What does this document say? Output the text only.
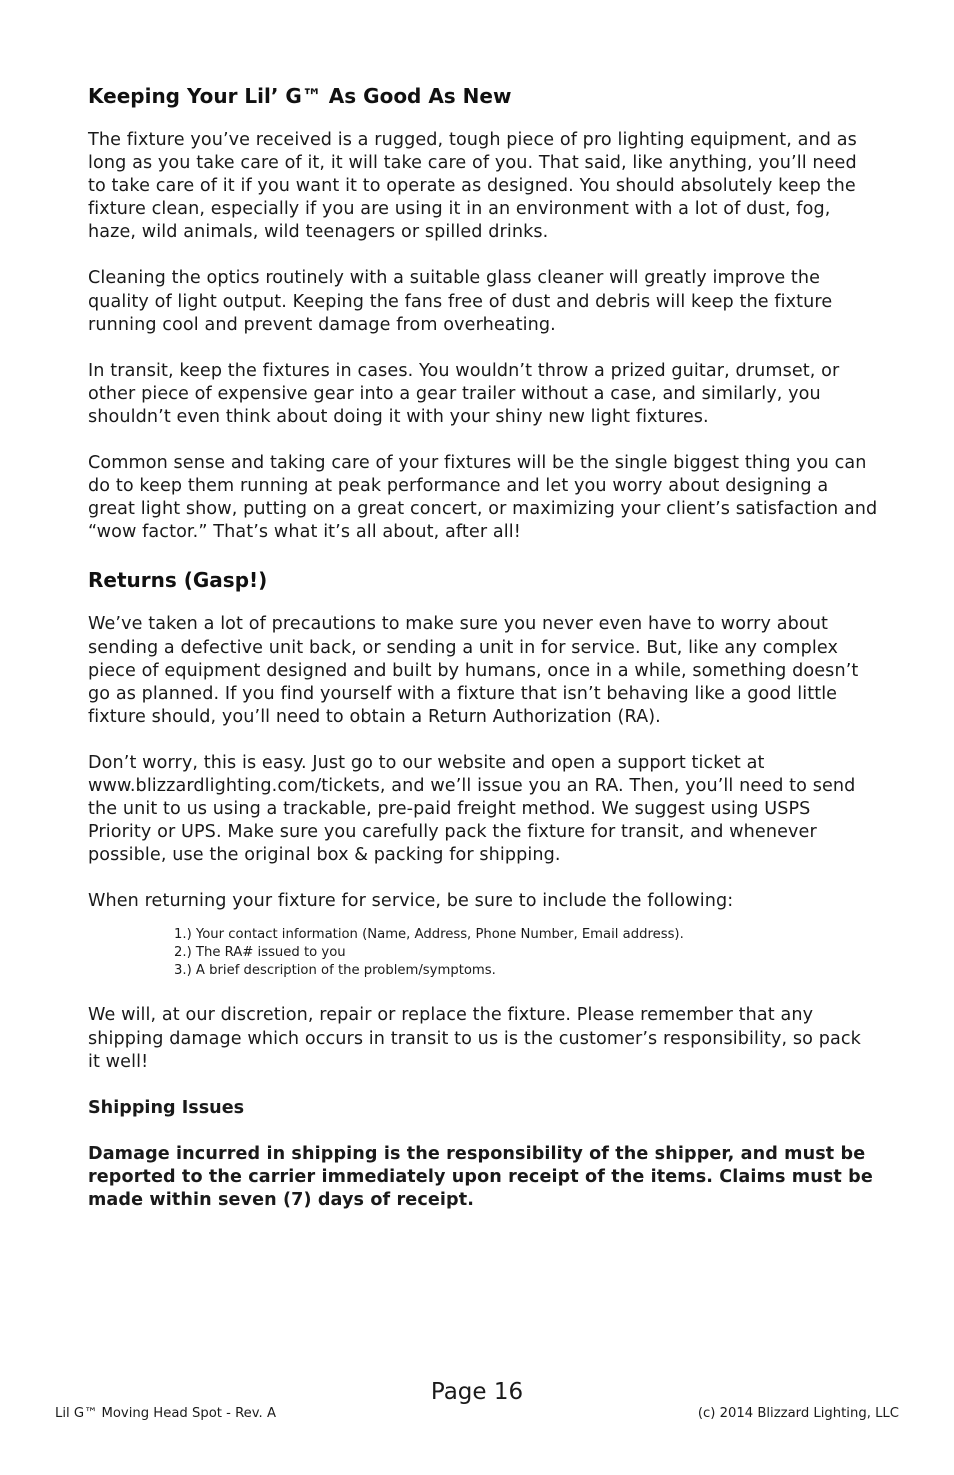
Keeping Your Lil’ G™ As Good As New

The fixture you’ve received is a rugged, tough piece of pro lighting equipment, and as long as you take care of it, it will take care of you. That said, like anything, you’ll need to take care of it if you want it to operate as designed. You should absolutely keep the fixture clean, especially if you are using it in an environment with a lot of dust, fog, haze, wild animals, wild teenagers or spilled drinks.

Cleaning the optics routinely with a suitable glass cleaner will greatly improve the quality of light output. Keeping the fans free of dust and debris will keep the fixture running cool and prevent damage from overheating.

In transit, keep the fixtures in cases. You wouldn’t throw a prized guitar, drumset, or other piece of expensive gear into a gear trailer without a case, and similarly, you shouldn’t even think about doing it with your shiny new light fixtures.

Common sense and taking care of your fixtures will be the single biggest thing you can do to keep them running at peak performance and let you worry about designing a great light show, putting on a great concert, or maximizing your client’s satisfaction and “wow factor.” That’s what it’s all about, after all!

Returns (Gasp!)

We’ve taken a lot of precautions to make sure you never even have to worry about sending a defective unit back, or sending a unit in for service. But, like any complex piece of equipment designed and built by humans, once in a while, something doesn’t go as planned. If you find yourself with a fixture that isn’t behaving like a good little fixture should, you’ll need to obtain a Return Authorization (RA).

Don’t worry, this is easy. Just go to our website and open a support ticket at www.blizzardlighting.com/tickets, and we’ll issue you an RA. Then, you’ll need to send the unit to us using a trackable, pre-paid freight method. We suggest using USPS Priority or UPS. Make sure you carefully pack the fixture for transit, and whenever possible, use the original box & packing for shipping.

When returning your fixture for service, be sure to include the following:

1.) Your contact information (Name, Address, Phone Number, Email address).
2.) The RA# issued to you
3.) A brief description of the problem/symptoms.

We will, at our discretion, repair or replace the fixture. Please remember that any shipping damage which occurs in transit to us is the customer’s responsibility, so pack it well!

Shipping Issues

Damage incurred in shipping is the responsibility of the shipper, and must be reported to the carrier immediately upon receipt of the items. Claims must be made within seven (7) days of receipt.

Page 16
Lil G™ Moving Head Spot - Rev. A	(c) 2014 Blizzard Lighting, LLC
